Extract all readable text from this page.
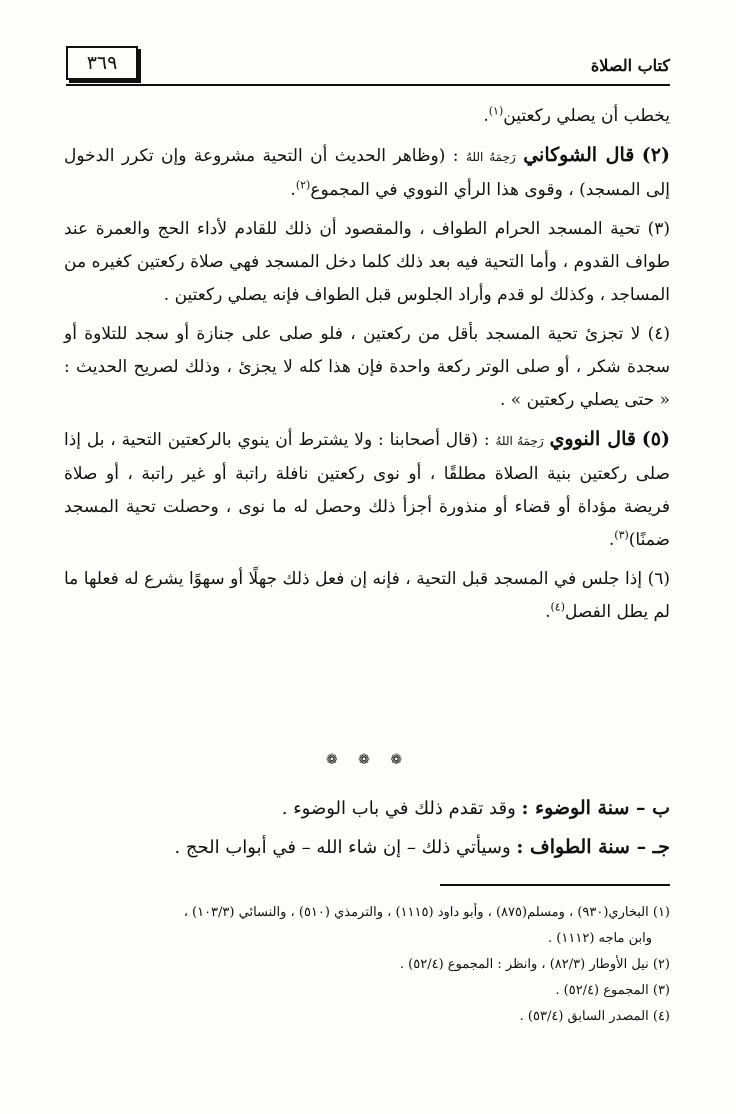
كتاب الصلاة
٣٦٩

يخطب أن يصلي ركعتين$^{(١)}$.

(٢) قال الشوكاني رَحِمَهُ اللهُ : (وظاهر الحديث أن التحية مشروعة وإن تكرر الدخول إلى المسجد) ، وقوى هذا الرأي النووي في المجموع$^{(٢)}$.

(٣) تحية المسجد الحرام الطواف ، والمقصود أن ذلك للقادم لأداء الحج والعمرة عند طواف القدوم ، وأما التحية فيه بعد ذلك كلما دخل المسجد فهي صلاة ركعتين كغيره من المساجد ، وكذلك لو قدم وأراد الجلوس قبل الطواف فإنه يصلي ركعتين .

(٤) لا تجزئ تحية المسجد بأقل من ركعتين ، فلو صلى على جنازة أو سجد للتلاوة أو سجدة شكر ، أو صلى الوتر ركعة واحدة فإن هذا كله لا يجزئ ، وذلك لصريح الحديث : « حتى يصلي ركعتين » .

(٥) قال النووي رَحِمَهُ اللهُ : (قال أصحابنا : ولا يشترط أن ينوي بالركعتين التحية ، بل إذا صلى ركعتين بنية الصلاة مطلقًا ، أو نوى ركعتين نافلة راتبة أو غير راتبة ، أو صلاة فريضة مؤداة أو قضاء أو منذورة أجزأ ذلك وحصل له ما نوى ، وحصلت تحية المسجد ضمنًا)$^{(٣)}$.

(٦) إذا جلس في المسجد قبل التحية ، فإنه إن فعل ذلك جهلًا أو سهوًا يشرع له فعلها ما لم يطل الفصل$^{(٤)}$.

❁ ❁ ❁
ب – سنة الوضوء : وقد تقدم ذلك في باب الوضوء .
جـ – سنة الطواف : وسيأتي ذلك – إن شاء الله – في أبواب الحج .
(١) البخاري(٩٣٠) ، ومسلم(٨٧٥) ، وأبو داود (١١١٥) ، والترمذي (٥١٠) ، والنسائي (١٠٣/٣) ،
وابن ماجه (١١١٢) .
(٢) نيل الأوطار (٨٢/٣) ، وانظر : المجموع (٥٢/٤) .
(٣) المجموع (٥٢/٤) .
(٤) المصدر السابق (٥٣/٤) .
